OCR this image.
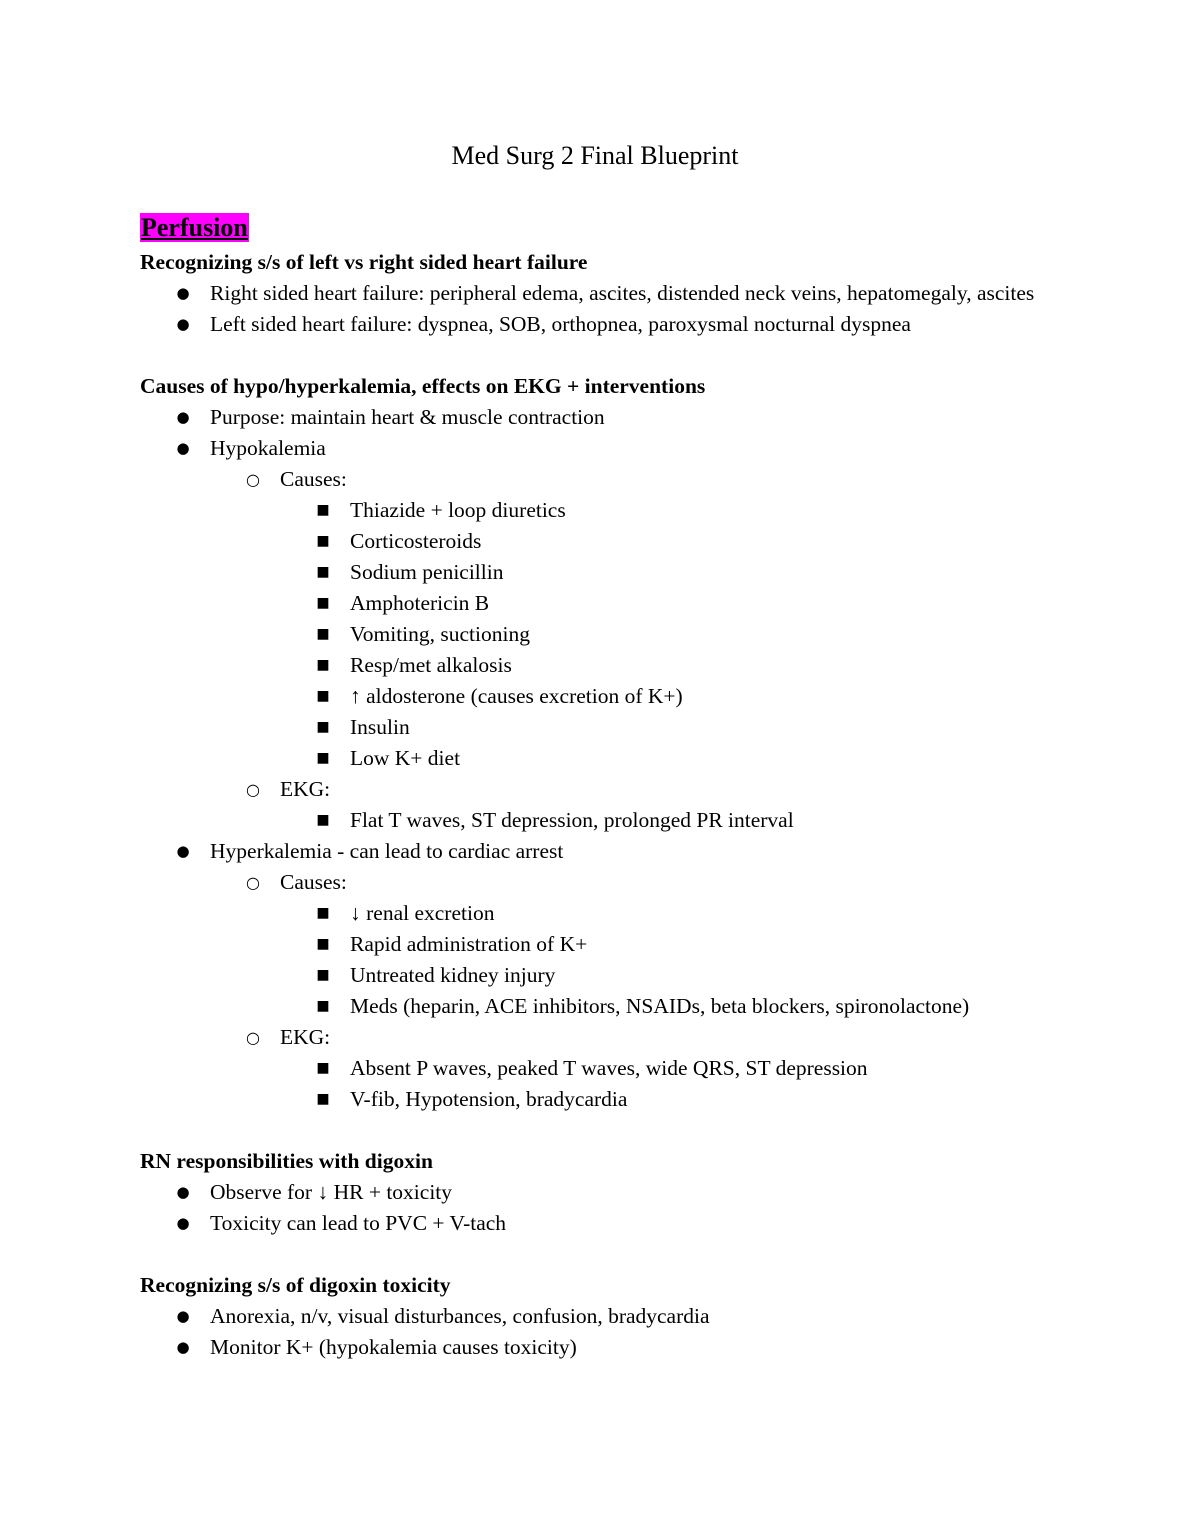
Med Surg 2 Final Blueprint

Perfusion

Recognizing s/s of left vs right sided heart failure

● Right sided heart failure: peripheral edema, ascites, distended neck veins, hepatomegaly, ascites
● Left sided heart failure: dyspnea, SOB, orthopnea, paroxysmal nocturnal dyspnea

Causes of hypo/hyperkalemia, effects on EKG + interventions

● Purpose: maintain heart & muscle contraction
● Hypokalemia
○ Causes:
■ Thiazide + loop diuretics
■ Corticosteroids
■ Sodium penicillin
■ Amphotericin B
■ Vomiting, suctioning
■ Resp/met alkalosis
■ ↑ aldosterone (causes excretion of K+)
■ Insulin
■ Low K+ diet
○ EKG:
■ Flat T waves, ST depression, prolonged PR interval
● Hyperkalemia - can lead to cardiac arrest
○ Causes:
■ ↓ renal excretion
■ Rapid administration of K+
■ Untreated kidney injury
■ Meds (heparin, ACE inhibitors, NSAIDs, beta blockers, spironolactone)
○ EKG:
■ Absent P waves, peaked T waves, wide QRS, ST depression
■ V-fib, Hypotension, bradycardia

RN responsibilities with digoxin

● Observe for ↓ HR + toxicity
● Toxicity can lead to PVC + V-tach

Recognizing s/s of digoxin toxicity

● Anorexia, n/v, visual disturbances, confusion, bradycardia
● Monitor K+ (hypokalemia causes toxicity)
